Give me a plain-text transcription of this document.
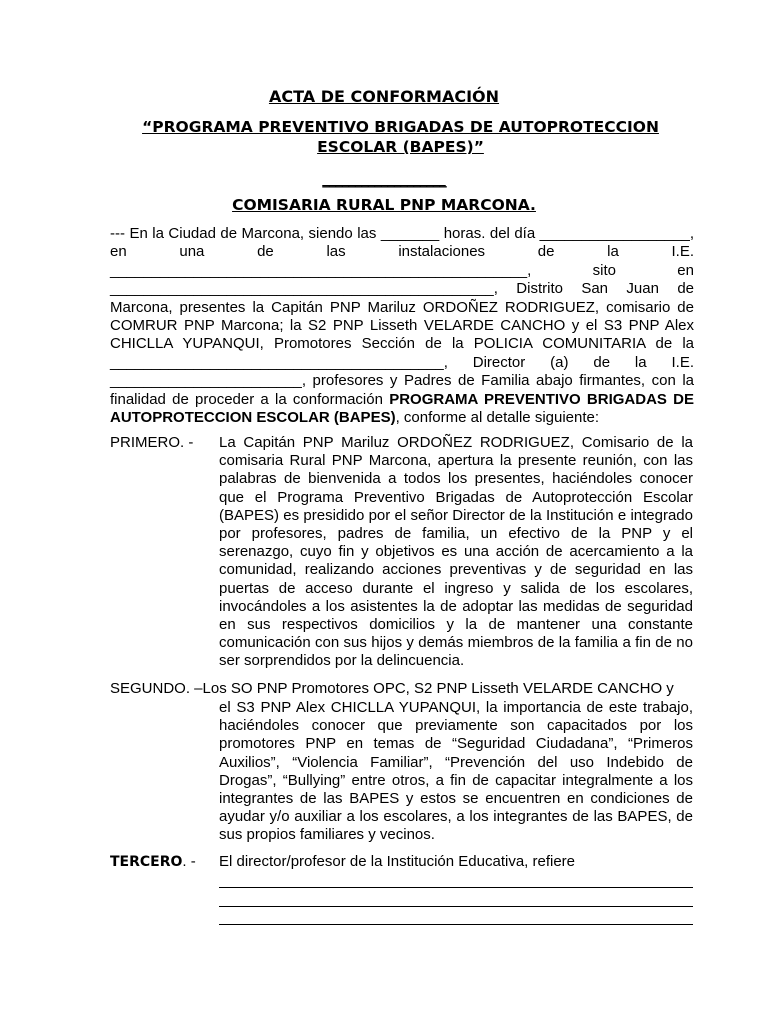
ACTA DE CONFORMACIÓN
“PROGRAMA PREVENTIVO BRIGADAS DE AUTOPROTECCION ESCOLAR (BAPES)”
___________________
COMISARIA RURAL PNP MARCONA.

--- En la Ciudad de Marcona, siendo las _______ horas. del día __________________, en una de las instalaciones de la I.E. __________________________________________________, sito en ______________________________________________, Distrito San Juan de Marcona, presentes la Capitán PNP Mariluz ORDOÑEZ RODRIGUEZ, comisario de COMRUR PNP Marcona; la S2 PNP Lisseth VELARDE CANCHO y el S3 PNP Alex CHICLLA YUPANQUI, Promotores Sección de la POLICIA COMUNITARIA de la ________________________________________, Director (a) de la I.E. _______________________, profesores y Padres de Familia abajo firmantes, con la finalidad de proceder a la conformación PROGRAMA PREVENTIVO BRIGADAS DE AUTOPROTECCION ESCOLAR (BAPES), conforme al detalle siguiente:

PRIMERO. - La Capitán PNP Mariluz ORDOÑEZ RODRIGUEZ, Comisario de la comisaria Rural PNP Marcona, apertura la presente reunión, con las palabras de bienvenida a todos los presentes, haciéndoles conocer que el Programa Preventivo Brigadas de Autoprotección Escolar (BAPES) es presidido por el señor Director de la Institución e integrado por profesores, padres de familia, un efectivo de la PNP y el serenazgo, cuyo fin y objetivos es una acción de acercamiento a la comunidad, realizando acciones preventivas y de seguridad en las puertas de acceso durante el ingreso y salida de los escolares, invocándoles a los asistentes la de adoptar las medidas de seguridad en sus respectivos domicilios y la de mantener una constante comunicación con sus hijos y demás miembros de la familia a fin de no ser sorprendidos por la delincuencia.

SEGUNDO. –Los SO PNP Promotores OPC, S2 PNP Lisseth VELARDE CANCHO y

el S3 PNP Alex CHICLLA YUPANQUI, la importancia de este trabajo, haciéndoles conocer que previamente son capacitados por los promotores PNP en temas de “Seguridad Ciudadana”, “Primeros Auxilios”, “Violencia Familiar”, “Prevención del uso Indebido de Drogas”, “Bullying” entre otros, a fin de capacitar integralmente a los integrantes de las BAPES y estos se encuentren en condiciones de ayudar y/o auxiliar a los escolares, a los integrantes de las BAPES, de sus propios familiares y vecinos.

TERCERO. - El director/profesor de la Institución Educativa, refiere
